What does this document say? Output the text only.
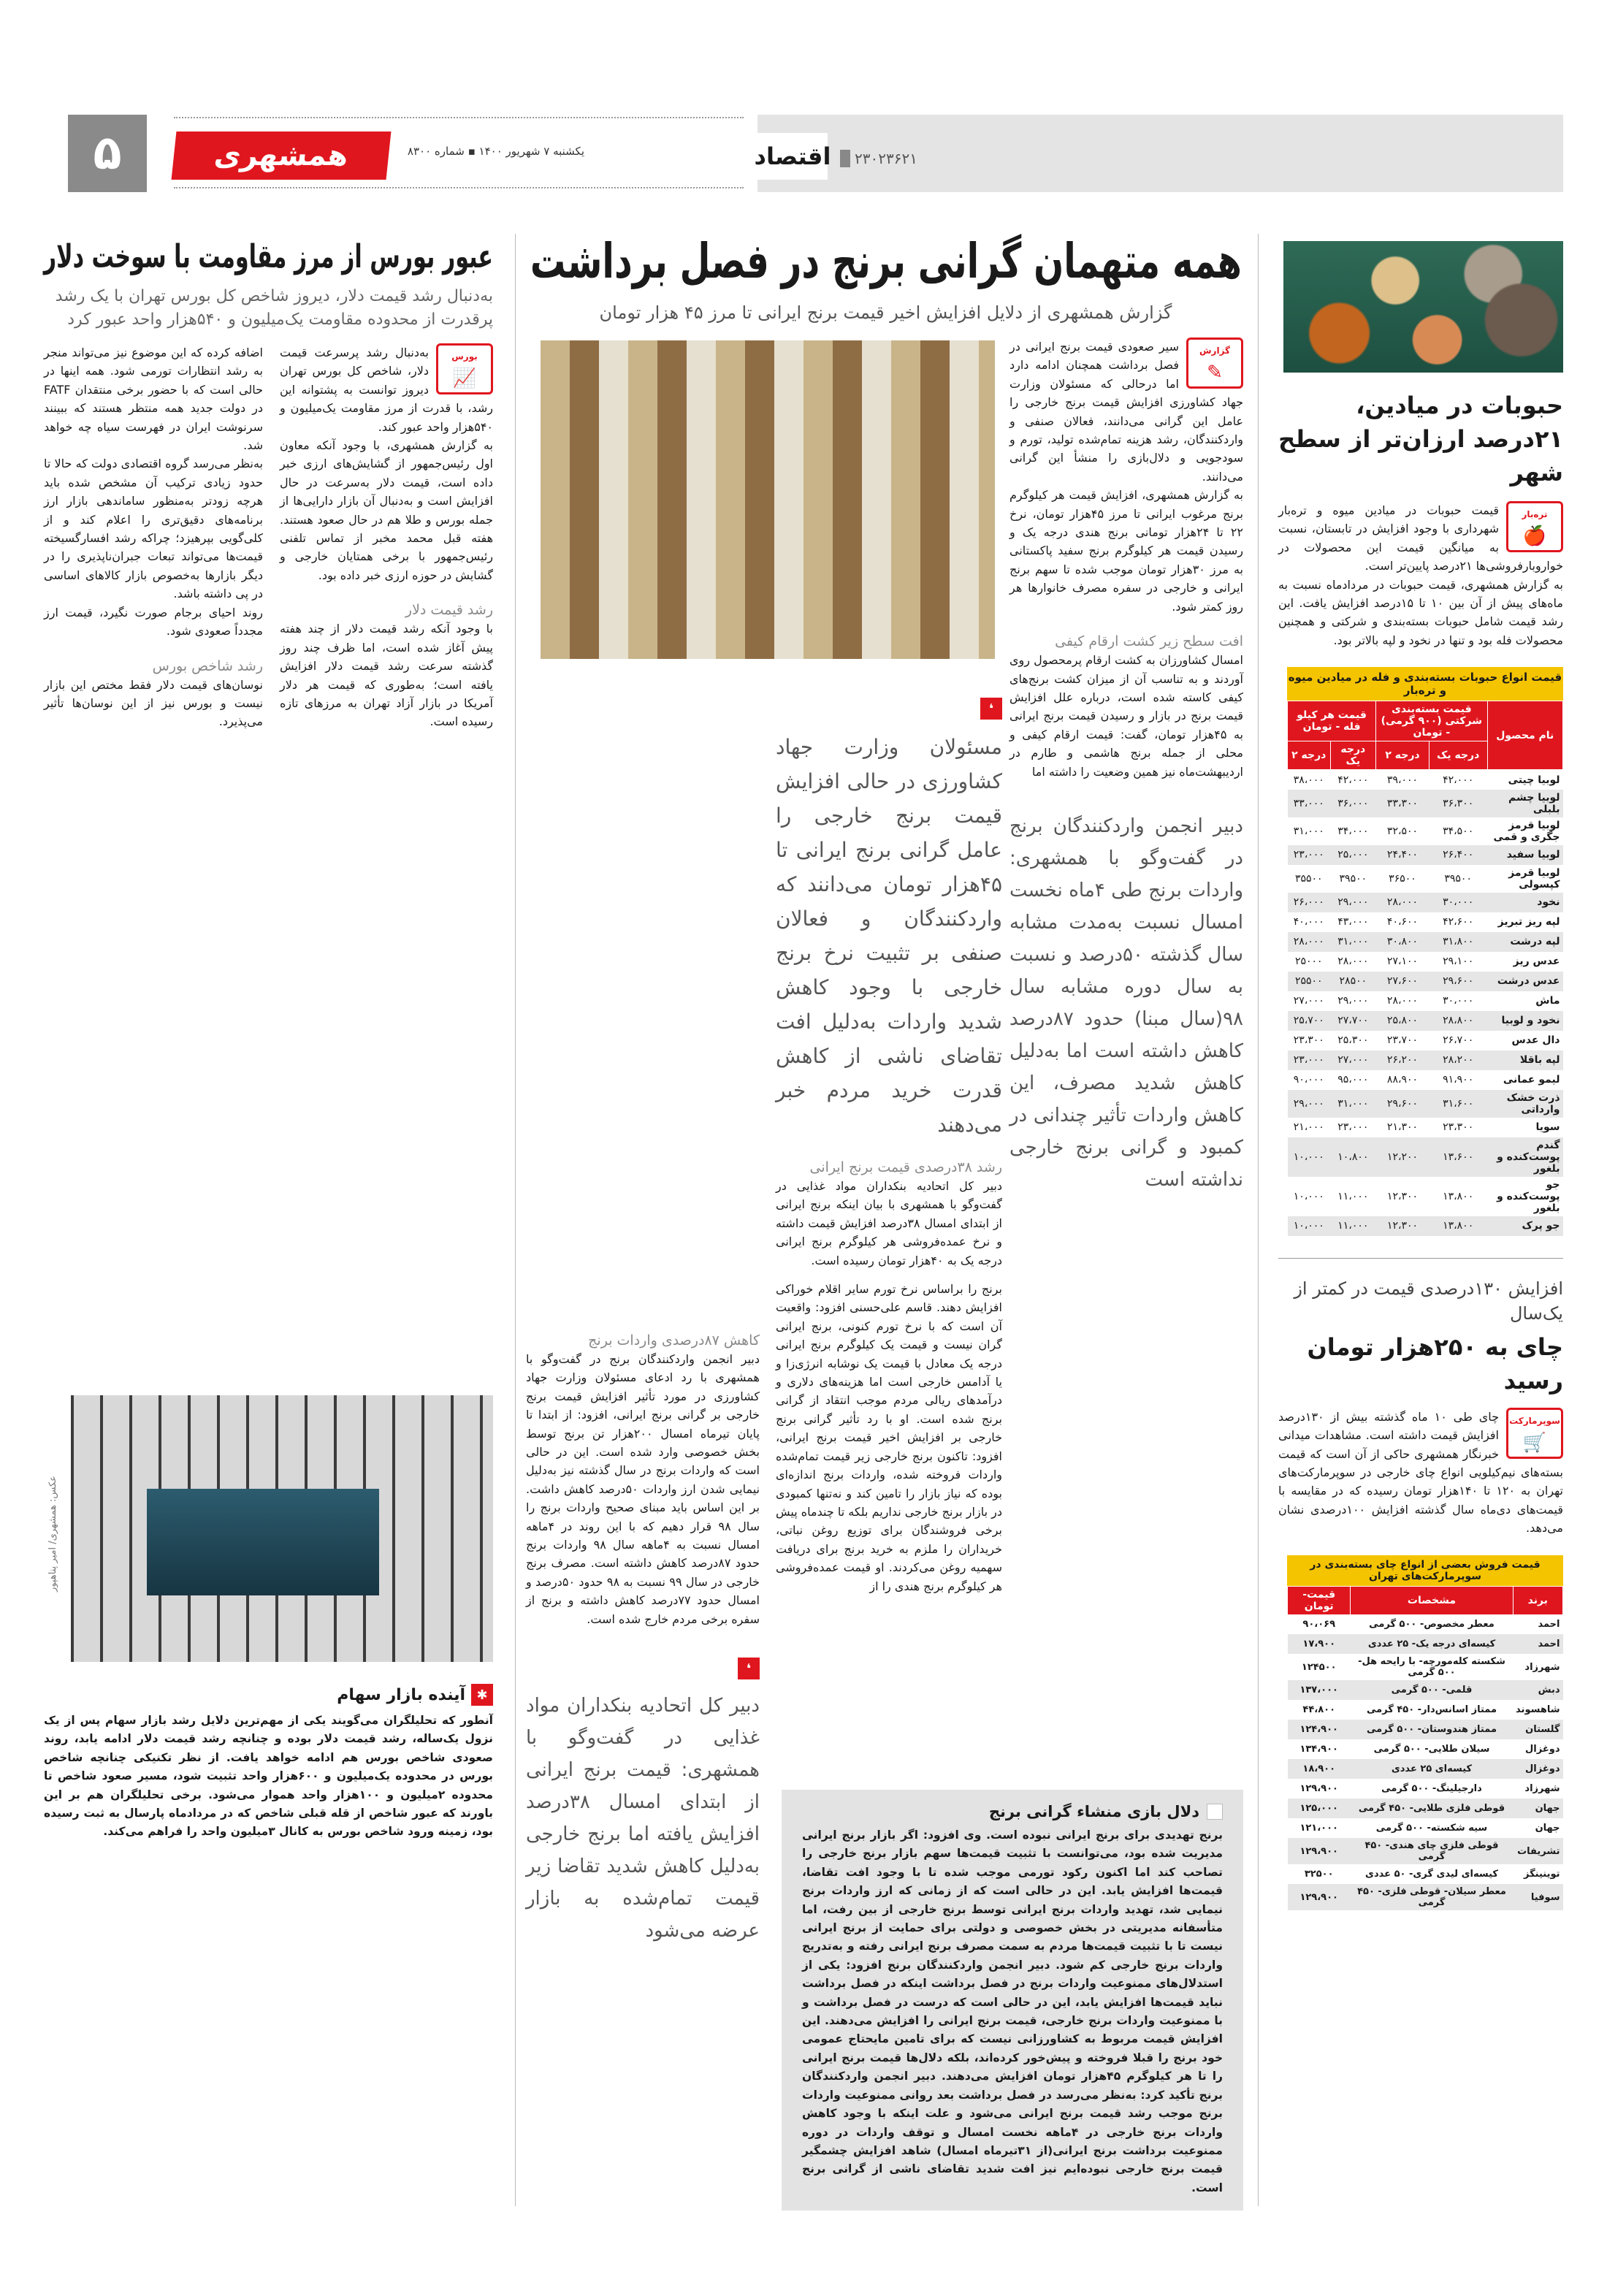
۵	همشهری	یکشنبه ۷ شهریور ۱۴۰۰ ▪ شماره ۸۳۰۰	اقتصاد ۲۳۰۲۳۶۲۱
عبور بورس از مرز مقاومت با سوخت دلار
به‌دنبال رشد قیمت دلار، دیروز شاخص کل بورس تهران با یک رشد پرقدرت از محدوده مقاومت یک‌میلیون و ۵۴۰هزار واحد عبور کرد
بورس
📈

به‌دنبال رشد پرسرعت قیمت دلار، شاخص کل بورس تهران دیروز توانست به پشتوانه این رشد، با قدرت از مرز مقاومت یک‌میلیون و ۵۴۰هزار واحد عبور کند.

به گزارش همشهری، با وجود آنکه معاون اول رئیس‌جمهور از گشایش‌های ارزی خبر داده است، قیمت دلار به‌سرعت در حال افزایش است و به‌دنبال آن بازار دارایی‌ها از جمله بورس و طلا هم در حال صعود هستند. هفته قبل محمد مخبر از تماس تلفنی رئیس‌جمهور با برخی همتایان خارجی و گشایش در حوزه ارزی خبر داده بود.

رشد قیمت دلار

با وجود آنکه رشد قیمت دلار از چند هفته پیش آغاز شده است، اما ظرف چند روز گذشته سرعت رشد قیمت دلار افزایش یافته است؛ به‌طوری که قیمت هر دلار آمریکا در بازار آزاد تهران به مرزهای تازه رسیده است.

اضافه کرده که این موضوع نیز می‌تواند منجر به رشد انتظارات تورمی شود. همه اینها در حالی است که با حضور برخی منتقدان FATF در دولت جدید همه منتظر هستند که ببینند سرنوشت ایران در فهرست سیاه چه خواهد شد.

به‌نظر می‌رسد گروه اقتصادی دولت که حالا تا حدود زیادی ترکیب آن مشخص شده باید هرچه زودتر به‌منظور ساماندهی بازار ارز برنامه‌های دقیق‌تری را اعلام کند و از کلی‌گویی بپرهیزد؛ چراکه رشد افسارگسیخته قیمت‌ها می‌تواند تبعات جبران‌ناپذیری را در دیگر بازارها به‌خصوص بازار کالاهای اساسی در پی داشته باشد.

روند احیای برجام صورت نگیرد، قیمت ارز مجدداً صعودی شود.

رشد شاخص بورس

نوسان‌های قیمت دلار فقط مختص این بازار نیست و بورس نیز از این نوسان‌ها تأثیر می‌پذیرد.

عکس: همشهری/ امیر پناهپور
✱
آینده بازار سهام
آنطور که تحلیلگران می‌گویند یکی از مهم‌ترین دلایل رشد بازار سهام پس از یک نزول یک‌ساله، رشد قیمت دلار بوده و چنانچه رشد قیمت دلار ادامه یابد، روند صعودی شاخص بورس هم ادامه خواهد یافت. از نظر تکنیکی چنانچه شاخص بورس در محدوده یک‌میلیون و ۶۰۰هزار واحد تثبیت شود، مسیر صعود شاخص تا محدوده ۲میلیون و ۱۰۰هزار واحد هموار می‌شود. برخی تحلیلگران هم بر این باورند که عبور شاخص از قله قبلی شاخص که در مردادماه پارسال به ثبت رسیده بود، زمینه ورود شاخص بورس به کانال ۳میلیون واحد را فراهم می‌کند.
همه متهمان گرانی برنج در فصل برداشت
گزارش همشهری از دلایل افزایش اخیر قیمت برنج ایرانی تا مرز ۴۵ هزار تومان
گزارش
✎

سیر صعودی قیمت برنج ایرانی در فصل برداشت همچنان ادامه دارد اما درحالی که مسئولان وزارت جهاد کشاورزی افزایش قیمت برنج خارجی را عامل این گرانی می‌دانند، فعالان صنفی و واردکنندگان، رشد هزینه تمام‌شده تولید، تورم و سودجویی و دلال‌بازی را منشأ این گرانی می‌دانند.

به گزارش همشهری، افزایش قیمت هر کیلوگرم برنج مرغوب ایرانی تا مرز ۴۵هزار تومان، نرخ ۲۲ تا ۲۴هزار تومانی برنج هندی درجه یک و رسیدن قیمت هر کیلوگرم برنج سفید پاکستانی به مرز ۳۰هزار تومان موجب شده تا سهم برنج ایرانی و خارجی در سفره مصرف خانوارها هر روز کمتر شود.

افت سطح زیر کشت ارقام کیفی

امسال کشاورزان به کشت ارقام پرمحصول روی آوردند و به تناسب آن از میزان کشت برنج‌های کیفی کاسته شده است، درباره علل افزایش قیمت برنج در بازار و رسیدن قیمت برنج ایرانی به ۴۵هزار تومان، گفت: قیمت ارقام کیفی و محلی از جمله برنج هاشمی و طارم در اردیبهشت‌ماه نیز همین وضعیت را داشته اما

دبیر انجمن واردکنندگان برنج در گفت‌وگو با همشهری: واردات برنج طی ۴ماه نخست امسال نسبت به‌مدت مشابه سال گذشته ۵۰درصد و نسبت به سال دوره مشابه سال ۹۸(سال مبنا) حدود ۸۷درصد کاهش داشته است اما به‌دلیل کاهش شدید مصرف، این کاهش واردات تأثیر چندانی در کمبود و گرانی برنج خارجی نداشته است
❛
مسئولان وزارت جهاد کشاورزی در حالی افزایش قیمت برنج خارجی را عامل گرانی برنج ایرانی تا ۴۵هزار تومان می‌دانند که واردکنندگان و فعالان صنفی بر تثبیت نرخ برنج خارجی با وجود کاهش شدید واردات به‌دلیل افت تقاضای ناشی از کاهش قدرت خرید مردم خبر می‌دهند
رشد ۳۸درصدی قیمت برنج ایرانی

دبیر کل اتحادیه بنکداران مواد غذایی در گفت‌وگو با همشهری با بیان اینکه برنج ایرانی از ابتدای امسال ۳۸درصد افزایش قیمت داشته و نرخ عمده‌فروشی هر کیلوگرم برنج ایرانی درجه یک به ۴۰هزار تومان رسیده است.

برنج را براساس نرخ تورم سایر اقلام خوراکی افزایش دهند. قاسم علی‌حسنی افزود: واقعیت آن است که با نرخ تورم کنونی، برنج ایرانی گران نیست و قیمت یک کیلوگرم برنج ایرانی درجه یک معادل با قیمت یک نوشابه انرژی‌زا و یا آدامس خارجی است اما هزینه‌های دلاری و درآمدهای ریالی مردم موجب انتقاد از گرانی برنج شده است. او با رد تأثیر گرانی برنج خارجی بر افزایش اخیر قیمت برنج ایرانی، افزود: تاکنون برنج خارجی زیر قیمت تمام‌شده واردات فروخته شده، واردات برنج اندازه‌ای بوده که نیاز بازار را تامین کند و نه‌تنها کمبودی در بازار برنج خارجی نداریم بلکه تا چندماه پیش برخی فروشندگان برای توزیع روغن نباتی، خریداران را ملزم به خرید برنج برای دریافت سهمیه روغن می‌کردند. او قیمت عمده‌فروشی هر کیلوگرم برنج هندی را از
کاهش ۸۷درصدی واردات برنج

دبیر انجمن واردکنندگان برنج در گفت‌وگو با همشهری با رد ادعای مسئولان وزارت جهاد کشاورزی در مورد تأثیر افزایش قیمت برنج خارجی بر گرانی برنج ایرانی، افزود: از ابتدا تا پایان تیرماه امسال ۲۰۰هزار تن برنج توسط بخش خصوصی وارد شده است. این در حالی است که واردات برنج در سال گذشته نیز به‌دلیل نیمایی شدن ارز واردات ۵۰درصد کاهش داشت. بر این اساس باید مبنای صحیح واردات برنج را سال ۹۸ قرار دهیم که با این روند در ۴ماهه امسال نسبت به ۴ماهه سال ۹۸ واردات برنج حدود ۸۷درصد کاهش داشته است. مصرف برنج خارجی در سال ۹۹ نسبت به ۹۸ حدود ۵۰درصد و امسال حدود ۷۷درصد کاهش داشته و برنج از سفره برخی مردم خارج شده است.

❛
دبیر کل اتحادیه بنکداران مواد غذایی در گفت‌وگو با همشهری: قیمت برنج ایرانی از ابتدای امسال ۳۸درصد افزایش یافته اما برنج خارجی به‌دلیل کاهش شدید تقاضا زیر قیمت تمام‌شده به بازار عرضه می‌شود
دلال بازی منشاء گرانی برنج
برنج تهدیدی برای برنج ایرانی نبوده است. وی افزود: اگر بازار برنج ایرانی مدیریت شده بود، می‌توانست با تثبیت قیمت‌ها سهم بازار برنج خارجی را تصاحب کند اما اکنون رکود تورمی موجب شده تا با وجود افت تقاضا، قیمت‌ها افزایش یابد. این در حالی است که از زمانی که ارز واردات برنج نیمایی شد، تهدید واردات برنج ایرانی توسط برنج خارجی از بین رفت، اما متأسفانه مدیریتی در بخش خصوصی و دولتی برای حمایت از برنج ایرانی نیست تا با تثبیت قیمت‌ها مردم به سمت مصرف برنج ایرانی رفته و به‌تدریج واردات برنج خارجی کم شود. دبیر انجمن واردکنندگان برنج افزود: یکی از استدلال‌های ممنوعیت واردات برنج در فصل برداشت اینکه در فصل برداشت نباید قیمت‌ها افزایش یابد، این در حالی است که درست در فصل برداشت و با ممنوعیت واردات برنج خارجی، قیمت برنج ایرانی را افزایش می‌دهند. این افزایش قیمت مربوط به کشاورزانی نیست که برای تامین مایحتاج عمومی خود برنج را قبلا فروخته و پیش‌خور کرده‌اند، بلکه دلال‌ها قیمت برنج ایرانی را تا هر کیلوگرم ۴۵هزار تومان افزایش می‌دهند. دبیر انجمن واردکنندگان برنج تأکید کرد: به‌نظر می‌رسد در فصل برداشت بعد روانی ممنوعیت واردات برنج موجب رشد قیمت برنج ایرانی می‌شود و علت اینکه با وجود کاهش واردات برنج خارجی در ۴ماهه نخست امسال و توقف واردات در دوره ممنوعیت برداشت برنج ایرانی(از ۳۱تیرماه امسال) شاهد افزایش چشمگیر قیمت برنج خارجی نبوده‌ایم نیز افت شدید تقاضای ناشی از گرانی برنج است.
حبوبات در میادین، ۲۱درصد ارزان‌تر از سطح شهر
تره‌بار
🍎

قیمت حبوبات در میادین میوه و تره‌بار شهرداری با وجود افزایش در تابستان، نسبت به میانگین قیمت این محصولات در خواروبارفروشی‌ها ۲۱درصد پایین‌تر است.

به گزارش همشهری، قیمت حبوبات در مردادماه نسبت به ماه‌های پیش از آن بین ۱۰ تا ۱۵درصد افزایش یافت. این رشد قیمت شامل حبوبات بسته‌بندی و شرکتی و همچنین محصولات فله بود و تنها در نخود و لپه بالاتر بود.

قیمت انواع حبوبات بسته‌بندی و فله در میادین میوه و تره‌بار
نام محصول	قیمت بسته‌بندی شرکتی (۹۰۰ گرمی) - تومان		قیمت هر کیلو فله - تومان	
	درجه یک	درجه ۲	درجه یک	درجه ۲
لوبیا چیتی	۴۲،۰۰۰	۳۹،۰۰۰	۴۲،۰۰۰	۳۸،۰۰۰
لوبیا چشم بلبلی	۳۶،۳۰۰	۳۳،۳۰۰	۳۶،۰۰۰	۳۳،۰۰۰
لوبیا قرمز جگری و قمی	۳۴،۵۰۰	۳۲،۵۰۰	۳۴،۰۰۰	۳۱،۰۰۰
لوبیا سفید	۲۶،۴۰۰	۲۴،۴۰۰	۲۵،۰۰۰	۲۳،۰۰۰
لوبیا قرمز کپسولی	۳۹۵۰۰	۳۶۵۰۰	۳۹۵۰۰	۳۵۵۰۰
نخود	۳۰،۰۰۰	۲۸،۰۰۰	۲۹،۰۰۰	۲۶،۰۰۰
لپه ریز تبریز	۴۲،۶۰۰	۴۰،۶۰۰	۴۳،۰۰۰	۴۰،۰۰۰
لپه درشت	۳۱،۸۰۰	۳۰،۸۰۰	۳۱،۰۰۰	۲۸،۰۰۰
عدس ریز	۲۹،۱۰۰	۲۷،۱۰۰	۲۸،۰۰۰	۲۵۰۰۰
عدس درشت	۲۹،۶۰۰	۲۷،۶۰۰	۲۸۵۰۰	۲۵۵۰۰
ماش	۳۰،۰۰۰	۲۸،۰۰۰	۲۹،۰۰۰	۲۷،۰۰۰
نخود و لوبیا	۲۸،۸۰۰	۲۵،۸۰۰	۲۷،۷۰۰	۲۵،۷۰۰
دال عدس	۲۶،۷۰۰	۲۳،۷۰۰	۲۵،۳۰۰	۲۳،۳۰۰
لپه باقلا	۲۸،۲۰۰	۲۶،۲۰۰	۲۷،۰۰۰	۲۳،۰۰۰
لیمو عمانی	۹۱،۹۰۰	۸۸،۹۰۰	۹۵،۰۰۰	۹۰،۰۰۰
ذرت خشک وارداتی	۳۱،۶۰۰	۲۹،۶۰۰	۳۱،۰۰۰	۲۹،۰۰۰
سویا	۲۳،۳۰۰	۲۱،۳۰۰	۲۳،۰۰۰	۲۱،۰۰۰
گندم پوست‌کنده و بلغور	۱۳،۶۰۰	۱۲،۲۰۰	۱۰،۸۰۰	۱۰،۰۰۰
جو پوست‌کنده و بلغور	۱۳،۸۰۰	۱۲،۳۰۰	۱۱،۰۰۰	۱۰،۰۰۰
جو پرک	۱۳،۸۰۰	۱۲،۳۰۰	۱۱،۰۰۰	۱۰،۰۰۰
افزایش ۱۳۰درصدی قیمت در کمتر از یک‌سال
چای به ۲۵۰هزار تومان رسید
سوپرمارکت
🛒

چای طی ۱۰ ماه گذشته بیش از ۱۳۰درصد افزایش قیمت داشته است. مشاهدات میدانی خبرنگار همشهری حاکی از آن است که قیمت بسته‌های نیم‌کیلویی انواع چای خارجی در سوپرمارکت‌های تهران به ۱۲۰ تا ۱۴۰هزار تومان رسیده که در مقایسه با قیمت‌های دی‌ماه سال گذشته افزایش ۱۰۰درصدی نشان می‌دهد.

قیمت فروش بعضی از انواع چای بسته‌بندی در سوپرمارکت‌های تهران
برند	مشخصات	قیمت- تومان
احمد	معطر مخصوص- ۵۰۰ گرمی	۹۰،۰۶۹
احمد	کیسه‌ای درجه یک- ۲۵ عددی	۱۷،۹۰۰
شهرزاد	شکسته کله‌مورچه- با رایحه هل- ۵۰۰ گرمی	۱۲۴۵۰۰
دبش	قلمی- ۵۰۰ گرمی	۱۳۷،۰۰۰
شاهسوند	ممتاز اسانس‌دار- ۴۵۰ گرمی	۴۴،۸۰۰
گلستان	ممتاز هندوستان- ۵۰۰ گرمی	۱۲۴،۹۰۰
دوغزال	سیلان طلایی- ۵۰۰ گرمی	۱۳۴،۹۰۰
دوغزال	کیسه‌ای ۲۵ عددی	۱۸،۹۰۰
شهرزاد	دارجیلینگ- ۵۰۰ گرمی	۱۲۹،۹۰۰
جهان	قوطی فلزی طلایی- ۴۵۰ گرمی	۱۲۵،۰۰۰
جهان	سیه شکسته- ۵۰۰ گرمی	۱۲۱،۰۰۰
تشریفات	قوطی فلزی چای هندی- ۴۵۰ گرمی	۱۲۹،۹۰۰
توینینگز	کیسه‌ای لیدی گری- ۵۰ عددی	۳۲۵۰۰
سوفیا	معطر سیلان- قوطی فلزی- ۴۵۰ گرمی	۱۲۹،۹۰۰
